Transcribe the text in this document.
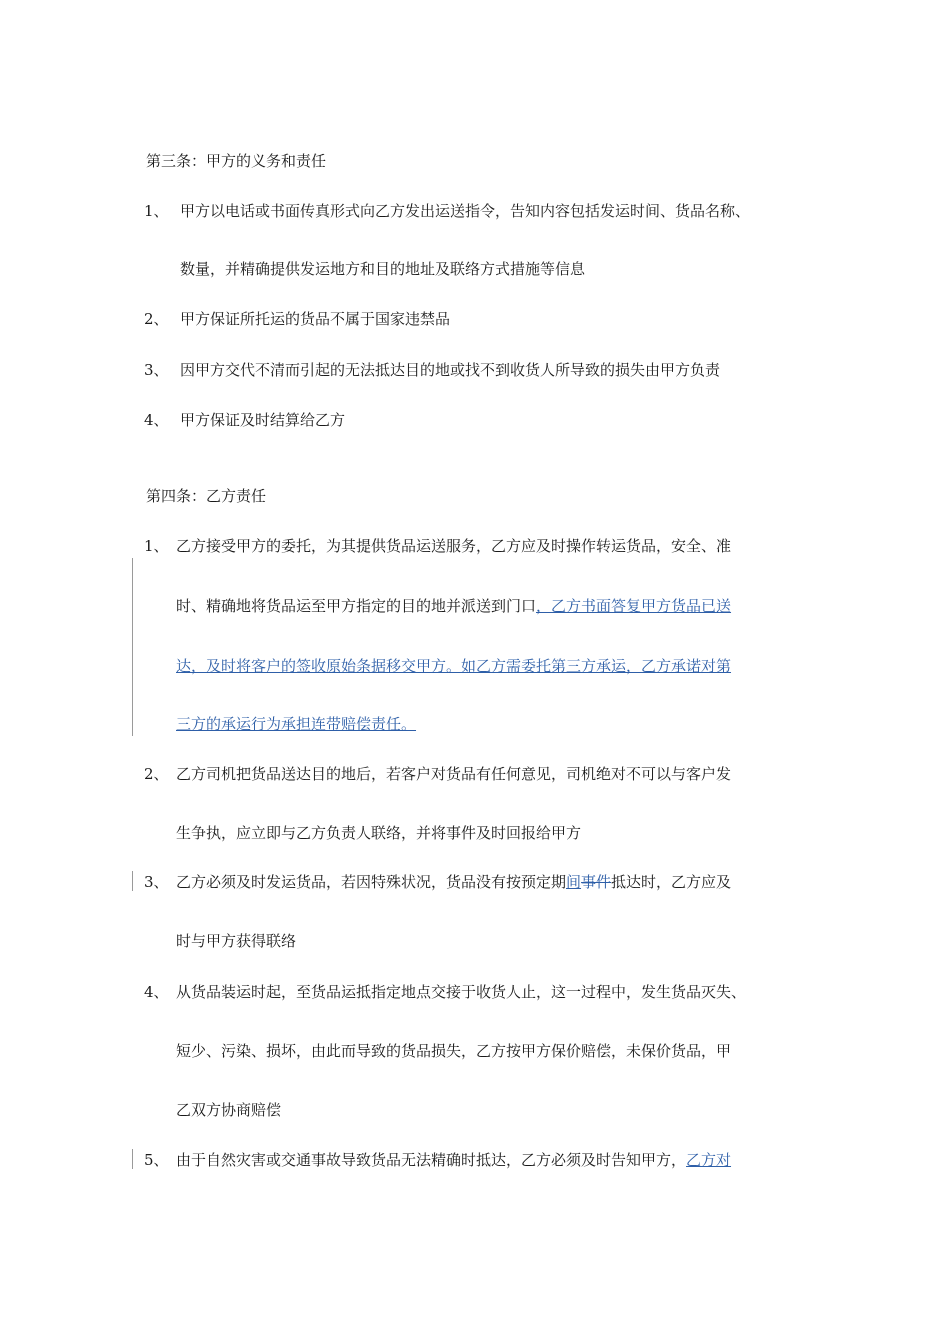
第三条：甲方的义务和责任
1、 甲方以电话或书面传真形式向乙方发出运送指令，告知内容包括发运时间、货品名称、
数量，并精确提供发运地方和目的地址及联络方式措施等信息
2、 甲方保证所托运的货品不属于国家违禁品
3、 因甲方交代不清而引起的无法抵达目的地或找不到收货人所导致的损失由甲方负责
4、 甲方保证及时结算给乙方
第四条：乙方责任
1、 乙方接受甲方的委托，为其提供货品运送服务，乙方应及时操作转运货品，安全、准
时、精确地将货品运至甲方指定的目的地并派送到门口，乙方书面答复甲方货品已送
达，及时将客户的签收原始条据移交甲方。如乙方需委托第三方承运，乙方承诺对第
三方的承运行为承担连带赔偿责任。
2、 乙方司机把货品送达目的地后，若客户对货品有任何意见，司机绝对不可以与客户发
生争执，应立即与乙方负责人联络，并将事件及时回报给甲方
3、 乙方必须及时发运货品，若因特殊状况，货品没有按预定期间事件抵达时，乙方应及
时与甲方获得联络
4、 从货品装运时起，至货品运抵指定地点交接于收货人止，这一过程中，发生货品灭失、
短少、污染、损坏，由此而导致的货品损失，乙方按甲方保价赔偿，未保价货品，甲
乙双方协商赔偿
5、 由于自然灾害或交通事故导致货品无法精确时抵达，乙方必须及时告知甲方，乙方对
